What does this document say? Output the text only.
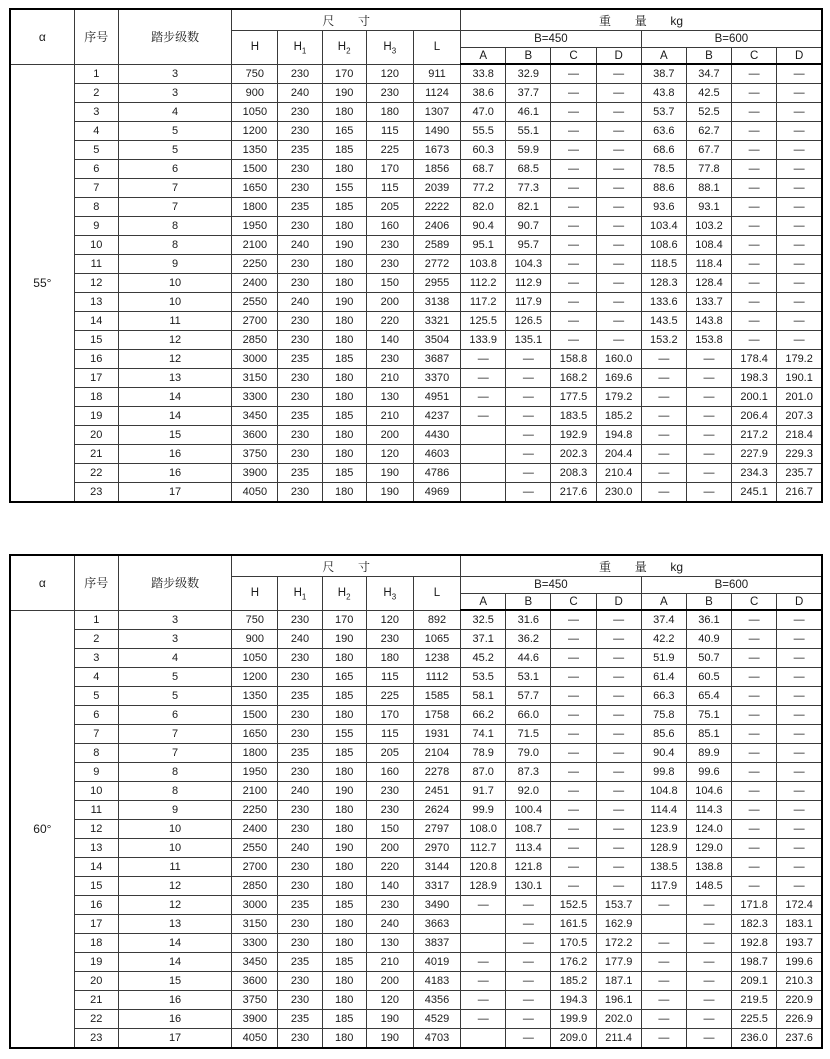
α	序号	踏步级数	尺 寸					重 量 kg							
			H	$H_1$	$H_2$	$H_3$	L	B=450				B=600			
								A	B	C	D	A	B	C	D
55°	1	3	750	230	170	120	911	33.8	32.9	—	—	38.7	34.7	—	—
	2	3	900	240	190	230	1124	38.6	37.7	—	—	43.8	42.5	—	—
	3	4	1050	230	180	180	1307	47.0	46.1	—	—	53.7	52.5	—	—
	4	5	1200	230	165	115	1490	55.5	55.1	—	—	63.6	62.7	—	—
	5	5	1350	235	185	225	1673	60.3	59.9	—	—	68.6	67.7	—	—
	6	6	1500	230	180	170	1856	68.7	68.5	—	—	78.5	77.8	—	—
	7	7	1650	230	155	115	2039	77.2	77.3	—	—	88.6	88.1	—	—
	8	7	1800	235	185	205	2222	82.0	82.1	—	—	93.6	93.1	—	—
	9	8	1950	230	180	160	2406	90.4	90.7	—	—	103.4	103.2	—	—
	10	8	2100	240	190	230	2589	95.1	95.7	—	—	108.6	108.4	—	—
	11	9	2250	230	180	230	2772	103.8	104.3	—	—	118.5	118.4	—	—
	12	10	2400	230	180	150	2955	112.2	112.9	—	—	128.3	128.4	—	—
	13	10	2550	240	190	200	3138	117.2	117.9	—	—	133.6	133.7	—	—
	14	11	2700	230	180	220	3321	125.5	126.5	—	—	143.5	143.8	—	—
	15	12	2850	230	180	140	3504	133.9	135.1	—	—	153.2	153.8	—	—
	16	12	3000	235	185	230	3687	—	—	158.8	160.0	—	—	178.4	179.2
	17	13	3150	230	180	210	3370	—	—	168.2	169.6	—	—	198.3	190.1
	18	14	3300	230	180	130	4951	—	—	177.5	179.2	—	—	200.1	201.0
	19	14	3450	235	185	210	4237	—	—	183.5	185.2	—	—	206.4	207.3
	20	15	3600	230	180	200	4430		—	192.9	194.8	—	—	217.2	218.4
	21	16	3750	230	180	120	4603		—	202.3	204.4	—	—	227.9	229.3
	22	16	3900	235	185	190	4786		—	208.3	210.4	—	—	234.3	235.7
	23	17	4050	230	180	190	4969		—	217.6	230.0	—	—	245.1	216.7
α	序号	踏步级数	尺 寸					重 量 kg							
			H	$H_1$	$H_2$	$H_3$	L	B=450				B=600			
								A	B	C	D	A	B	C	D
60°	1	3	750	230	170	120	892	32.5	31.6	—	—	37.4	36.1	—	—
	2	3	900	240	190	230	1065	37.1	36.2	—	—	42.2	40.9	—	—
	3	4	1050	230	180	180	1238	45.2	44.6	—	—	51.9	50.7	—	—
	4	5	1200	230	165	115	1112	53.5	53.1	—	—	61.4	60.5	—	—
	5	5	1350	235	185	225	1585	58.1	57.7	—	—	66.3	65.4	—	—
	6	6	1500	230	180	170	1758	66.2	66.0	—	—	75.8	75.1	—	—
	7	7	1650	230	155	115	1931	74.1	71.5	—	—	85.6	85.1	—	—
	8	7	1800	235	185	205	2104	78.9	79.0	—	—	90.4	89.9	—	—
	9	8	1950	230	180	160	2278	87.0	87.3	—	—	99.8	99.6	—	—
	10	8	2100	240	190	230	2451	91.7	92.0	—	—	104.8	104.6	—	—
	11	9	2250	230	180	230	2624	99.9	100.4	—	—	114.4	114.3	—	—
	12	10	2400	230	180	150	2797	108.0	108.7	—	—	123.9	124.0	—	—
	13	10	2550	240	190	200	2970	112.7	113.4	—	—	128.9	129.0	—	—
	14	11	2700	230	180	220	3144	120.8	121.8	—	—	138.5	138.8	—	—
	15	12	2850	230	180	140	3317	128.9	130.1	—	—	117.9	148.5	—	—
	16	12	3000	235	185	230	3490	—	—	152.5	153.7	—	—	171.8	172.4
	17	13	3150	230	180	240	3663		—	161.5	162.9		—	182.3	183.1
	18	14	3300	230	180	130	3837		—	170.5	172.2	—	—	192.8	193.7
	19	14	3450	235	185	210	4019	—	—	176.2	177.9	—	—	198.7	199.6
	20	15	3600	230	180	200	4183	—	—	185.2	187.1	—	—	209.1	210.3
	21	16	3750	230	180	120	4356	—	—	194.3	196.1	—	—	219.5	220.9
	22	16	3900	235	185	190	4529	—	—	199.9	202.0	—	—	225.5	226.9
	23	17	4050	230	180	190	4703		—	209.0	211.4	—	—	236.0	237.6
